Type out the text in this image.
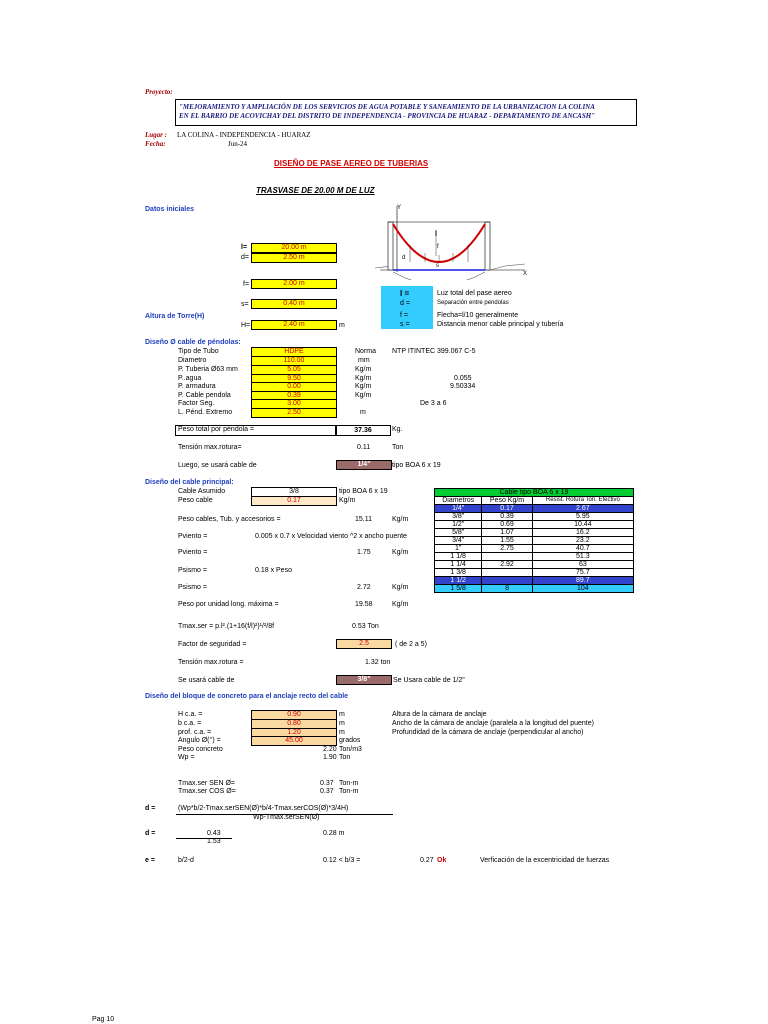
Proyecto:
"MEJORAMIENTO Y AMPLIACIÓN DE LOS SERVICIOS DE AGUA POTABLE Y SANEAMIENTO DE LA URBANIZACION LA COLINA
EN EL BARRIO DE ACOVICHAY DEL DISTRITO DE INDEPENDENCIA - PROVINCIA DE HUARAZ - DEPARTAMENTO DE ANCASH"
Lugar : LA COLINA - INDEPENDENCIA - HUARAZ
Fecha:	Jun-24
DISEÑO DE PASE AEREO DE TUBERIAS
TRASVASE DE 20.00 M DE LUZ
Datos iniciales
l=	20.00 m
d=	2.50 m
f=	2.00 m
s=	0.40 m
Altura de Torre(H)
H=	2.40 m	m
Y
X
l
f
d
s
l =	Luz total del pase aereo
d =	Separación entre pendolas
f =	Flecha=l/10 generalmente
s =	Distancia menor cable principal y tubería
Diseño Ø cable de péndolas:
Tipo de Tubo	HDPE	Norma NTP ITINTEC 399.067 C-5
Diametro	110.00	mm
P. Tuberia Ø63 mm	5.05	Kg/m
P..agua	9.50	Kg/m	0.055
P. armadura	0.00	Kg/m	9.50334
P. Cable pendola	0.39	Kg/m
Factor Seg.	3.00	De 3 a 6
L. Pénd. Extremo	2.50	m
Peso total por péndola =	37.36	Kg.
Tensión max.rotura=	0.11	Ton
Luego, se usará cable de	1/4"	tipo BOA 6 x 19
Diseño del cable principal:
Cable Asumido	3/8	tipo BOA 6 x 19
Peso cable	0.17	Kg/m
Peso cables, Tub. y accesorios =	15.11	Kg/m
Pviento =	0.005 x 0.7 x Velocidad viento ^2 x ancho puente
Pviento =	1.75	Kg/m
Psismo =	0.18 x Peso
Psismo =	2.72	Kg/m
Peso por unidad long. máxima =	19.58	Kg/m
Tmax.ser = p.l².(1+16(f/l)²)¹/²/8f	0.53 Ton
Factor de seguridad =	2.5	( de 2 a 5)
Tensión max.rotura =	1.32 ton
Se usará cable de	3/8"	Se Usara cable de 1/2"
Cable tipo BOA 6 x 19		
Diametros	Peso Kg/m	Resist. Rotura Ton. Efectivo
1/4"	0.17	2.67
3/8"	0.39	5.95
1/2"	0.69	10.44
5/8"	1.07	16.2
3/4"	1.55	23.2
1"	2.75	40.7
1 1/8		51.3
1 1/4	2.92	63
1 3/8		75.7
1 1/2		89.7
1 5/8	8	104
Diseño del bloque de concreto para el anclaje recto del cable
H c.a. =	0.90	m	Altura de la cámara de anclaje
b c.a. =	0.80	m	Ancho de la cámara de anclaje (paralela a la longitud del puente)
prof. c.a. =	1.20	m	Profundidad de la cámara de anclaje (perpendicular al ancho)
Angulo Ø(°) =	45.00	grados
Peso concreto	2.20 Ton/m3
Wp =	1.90 Ton
Tmax.ser SEN Ø=	0.37 Ton-m
Tmax.ser COS Ø=	0.37 Ton-m
d =	(Wp*b/2-Tmax.serSEN(Ø)*b/4-Tmax.serCOS(Ø)*3/4H)
Wp-Tmax.serSEN(Ø)
d =	0.43
1.53
0.28 m
e =	b/2-d	0.12 < b/3 =	0.27 Ok	Verficación de la excentricidad de fuerzas
Pag 10
